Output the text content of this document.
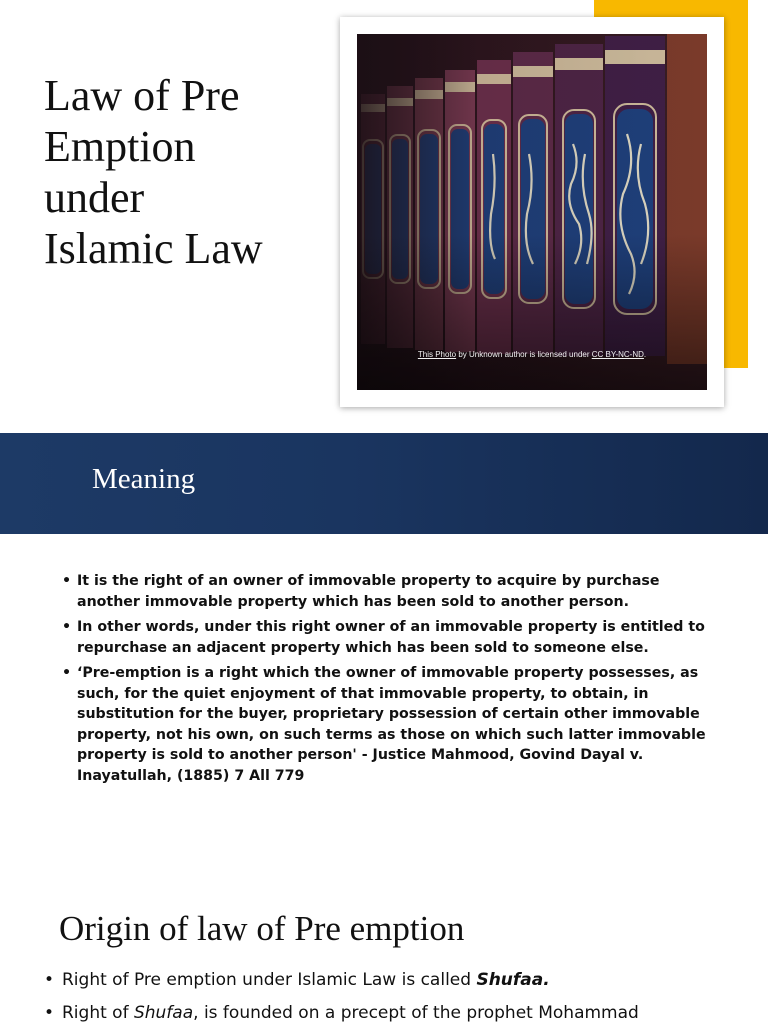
Law of Pre
Emption
under
Islamic Law
This Photo by Unknown author is licensed under CC BY-NC-ND.
Meaning
• It is the right of an owner of immovable property to acquire by purchase another immovable property which has been sold to another person.
• In other words, under this right owner of an immovable property is entitled to repurchase an adjacent property which has been sold to someone else.
• ‘Pre-emption is a right which the owner of immovable property possesses, as such, for the quiet enjoyment of that immovable property, to obtain, in substitution for the buyer, proprietary possession of certain other immovable property, not his own, on such terms as those on which such latter immovable property is sold to another person' - Justice Mahmood, Govind Dayal v. Inayatullah, (1885) 7 All 779
Origin of law of Pre emption
• Right of Pre emption under Islamic Law is called Shufaa.
• Right of Shufaa, is founded on a precept of the prophet Mohammad
